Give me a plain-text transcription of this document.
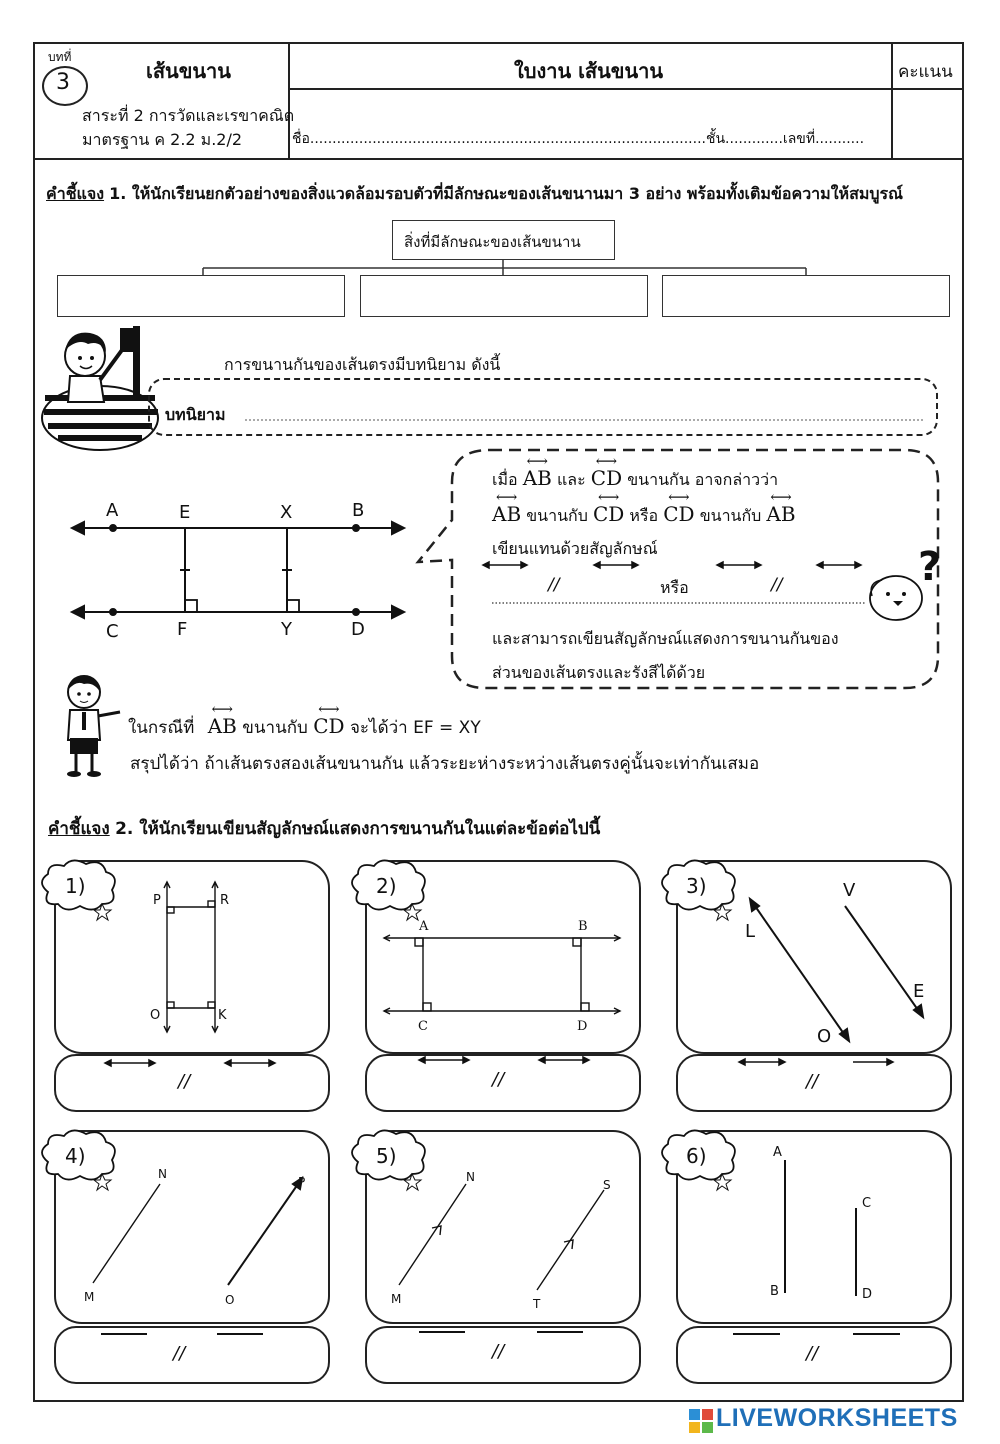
บทที่
3	เส้นขนาน	ใบงาน เส้นขนาน	คะแนน
สาระที่ 2 การวัดและเรขาคณิต
มาตรฐาน ค 2.2 ม.2/2	ชื่อ.........................................................................................ชั้น.............เลขที่...........
คำชี้แจง 1. ให้นักเรียนยกตัวอย่างของสิ่งแวดล้อมรอบตัวที่มีลักษณะของเส้นขนานมา 3 อย่าง พร้อมทั้งเติมข้อความให้สมบูรณ์
สิ่งที่มีลักษณะของเส้นขนาน
การขนานกันของเส้นตรงมีบทนิยาม ดังนี้
บทนิยาม
A	E	X	B
C	F	Y	D
?
เมื่อ ⟷ AB และ ⟷ CD ขนานกัน อาจกล่าวว่า
⟷ AB ขนานกับ ⟷ CD หรือ ⟷ CD ขนานกับ ⟷ AB
เขียนแทนด้วยสัญลักษณ์
//	หรือ	//
และสามารถเขียนสัญลักษณ์แสดงการขนานกันของ
ส่วนของเส้นตรงและรังสีได้ด้วย
ในกรณีที่ ⟷ AB ขนานกับ ⟷ CD จะได้ว่า EF = XY
สรุปได้ว่า ถ้าเส้นตรงสองเส้นขนานกัน แล้วระยะห่างระหว่างเส้นตรงคู่นั้นจะเท่ากันเสมอ
คำชี้แจง 2. ให้นักเรียนเขียนสัญลักษณ์แสดงการขนานกันในแต่ละข้อต่อไปนี้
1)	2)	3)
4)	5)	6)
P	R
O	K
A	B
C	D
V
L
E
O
N
P
M	O
N
S
M	T
A
C
B	D
//	//	//
//	//	//
LIVEWORKSHEETS
